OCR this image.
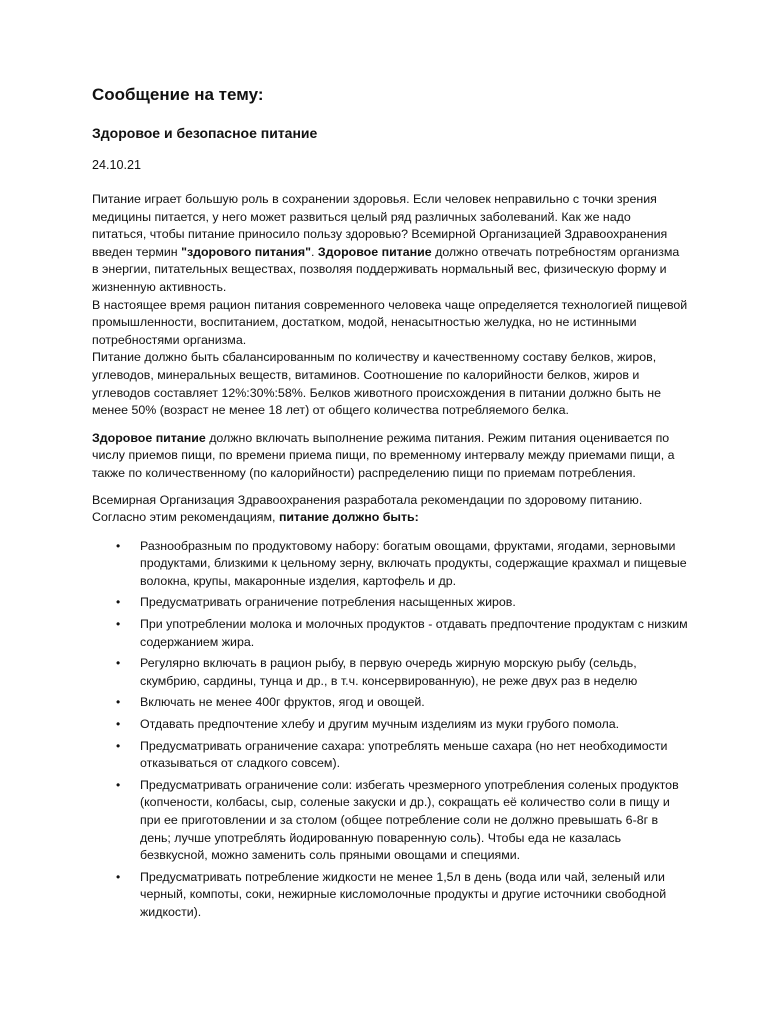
Сообщение на тему:
Здоровое и безопасное питание
24.10.21

Питание играет большую роль в сохранении здоровья. Если человек неправильно с точки зрения медицины питается, у него может развиться целый ряд различных заболеваний. Как же надо питаться, чтобы питание приносило пользу здоровью? Всемирной Организацией Здравоохранения введен термин "здорового питания". Здоровое питание должно отвечать потребностям организма в энергии, питательных веществах, позволяя поддерживать нормальный вес, физическую форму и жизненную активность.

В настоящее время рацион питания современного человека чаще определяется технологией пищевой промышленности, воспитанием, достатком, модой, ненасытностью желудка, но не истинными потребностями организма.

Питание должно быть сбалансированным по количеству и качественному составу белков, жиров, углеводов, минеральных веществ, витаминов. Соотношение по калорийности белков, жиров и углеводов составляет 12%:30%:58%. Белков животного происхождения в питании должно быть не менее 50% (возраст не менее 18 лет) от общего количества потребляемого белка.

Здоровое питание должно включать выполнение режима питания. Режим питания оценивается по числу приемов пищи, по времени приема пищи, по временному интервалу между приемами пищи, а также по количественному (по калорийности) распределению пищи по приемам потребления.

Всемирная Организация Здравоохранения разработала рекомендации по здоровому питанию. Согласно этим рекомендациям, питание должно быть:

• Разнообразным по продуктовому набору: богатым овощами, фруктами, ягодами, зерновыми продуктами, близкими к цельному зерну, включать продукты, содержащие крахмал и пищевые волокна, крупы, макаронные изделия, картофель и др.
• Предусматривать ограничение потребления насыщенных жиров.
• При употреблении молока и молочных продуктов - отдавать предпочтение продуктам с низким содержанием жира.
• Регулярно включать в рацион рыбу, в первую очередь жирную морскую рыбу (сельдь, скумбрию, сардины, тунца и др., в т.ч. консервированную), не реже двух раз в неделю
• Включать не менее 400г фруктов, ягод и овощей.
• Отдавать предпочтение хлебу и другим мучным изделиям из муки грубого помола.
• Предусматривать ограничение сахара: употреблять меньше сахара (но нет необходимости отказываться от сладкого совсем).
• Предусматривать ограничение соли: избегать чрезмерного употребления соленых продуктов (копчености, колбасы, сыр, соленые закуски и др.), сокращать её количество соли в пищу и при ее приготовлении и за столом (общее потребление соли не должно превышать 6-8г в день; лучше употреблять йодированную поваренную соль). Чтобы еда не казалась безвкусной, можно заменить соль пряными овощами и специями.
• Предусматривать потребление жидкости не менее 1,5л в день (вода или чай, зеленый или черный, компоты, соки, нежирные кисломолочные продукты и другие источники свободной жидкости).
